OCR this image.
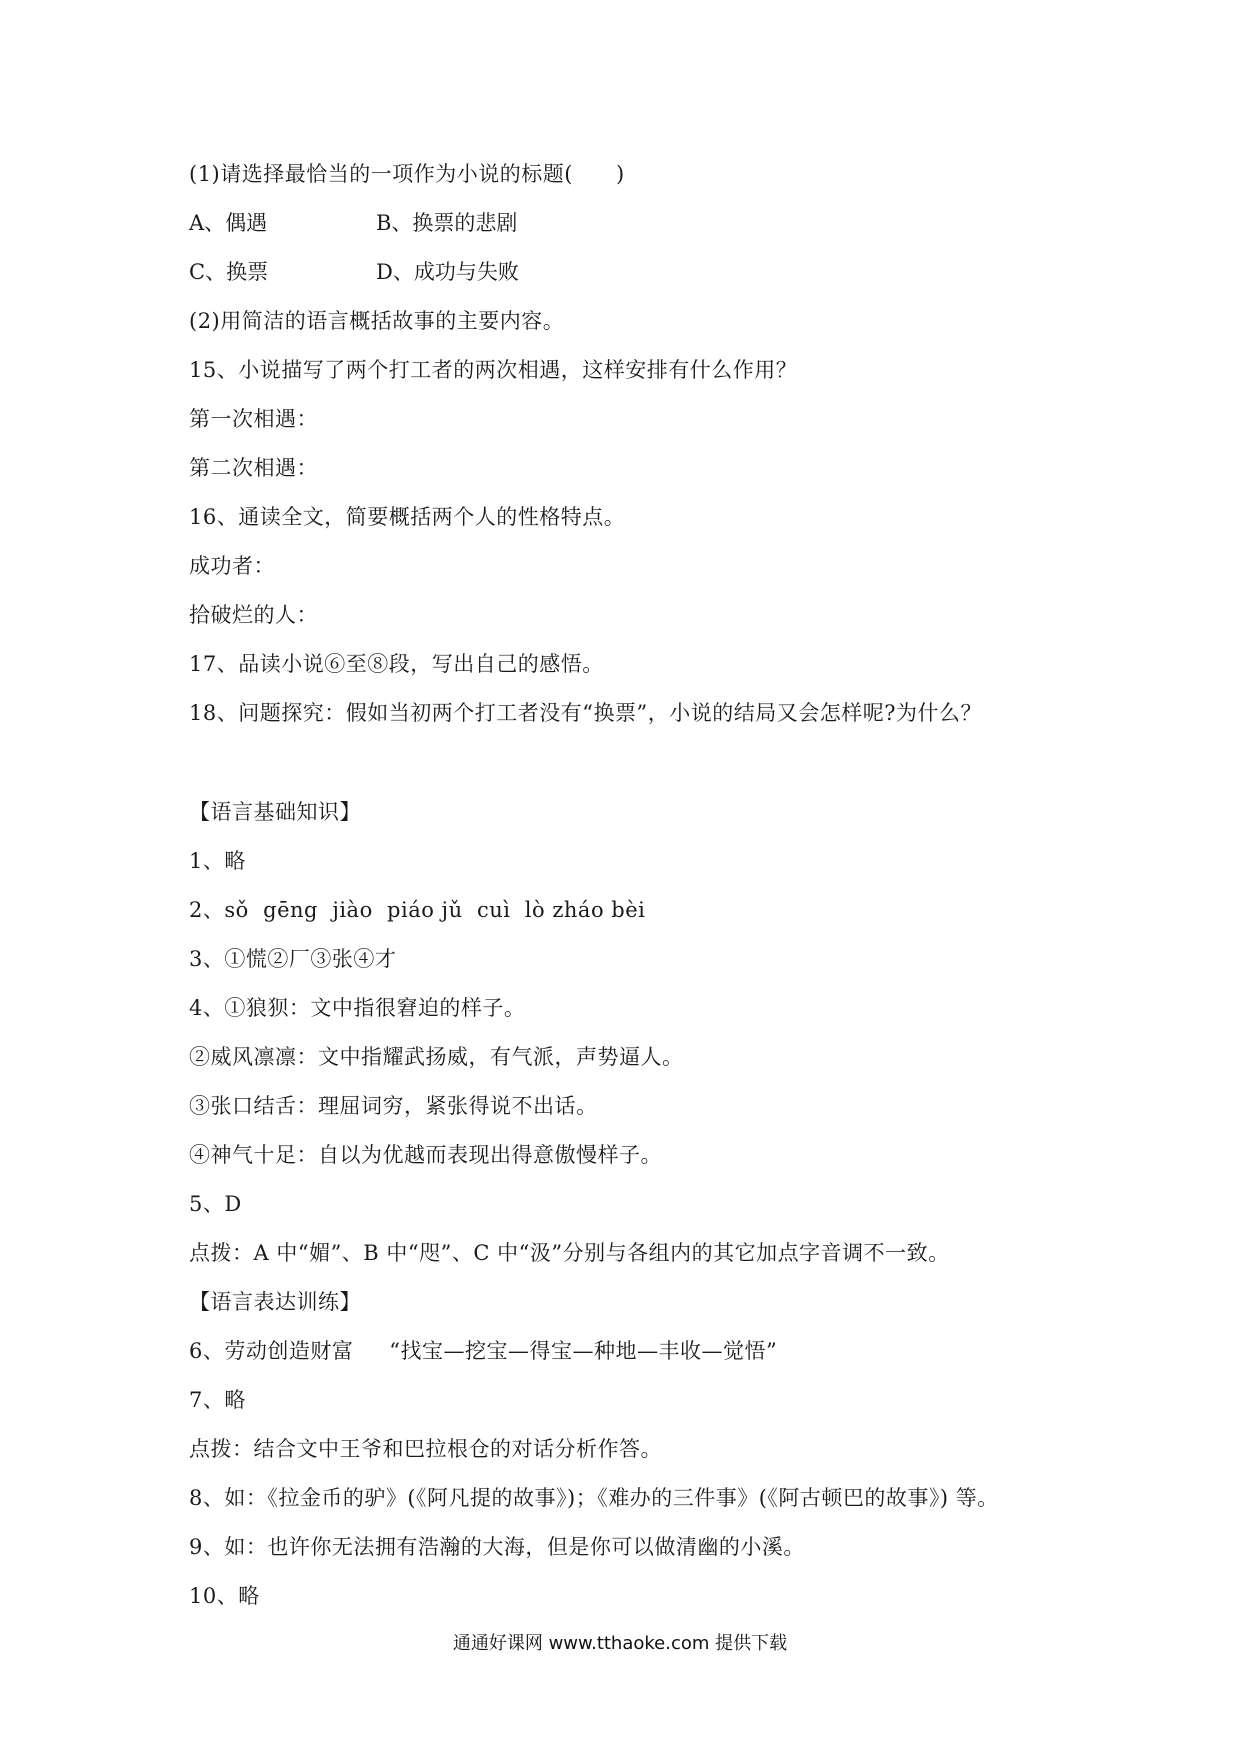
(1)请选择最恰当的一项作为小说的标题(      )
A、偶遇	B、换票的悲剧
C、换票	D、成功与失败
(2)用简洁的语言概括故事的主要内容。
15、小说描写了两个打工者的两次相遇，这样安排有什么作用？
第一次相遇：
第二次相遇：
16、通读全文，简要概括两个人的性格特点。
成功者：
拾破烂的人：
17、品读小说⑥至⑧段，写出自己的感悟。
18、问题探究：假如当初两个打工者没有“换票”，小说的结局又会怎样呢?为什么？
【语言基础知识】
1、略
2、sǒ  gēng  jiào  piáo jǔ  cuì  lò zháo bèi
3、①慌②厂③张④才
4、①狼狈：文中指很窘迫的样子。
②威风凛凛：文中指耀武扬威，有气派，声势逼人。
③张口结舌：理屈词穷，紧张得说不出话。
④神气十足：自以为优越而表现出得意傲慢样子。
5、D
点拨：A 中“媚”、B 中“咫”、C 中“汲”分别与各组内的其它加点字音调不一致。
【语言表达训练】
6、劳动创造财富     “找宝—挖宝—得宝—种地—丰收—觉悟”
7、略
点拨：结合文中王爷和巴拉根仓的对话分析作答。
8、如：《拉金币的驴》(《阿凡提的故事》)；《难办的三件事》(《阿古顿巴的故事》) 等。
9、如：也许你无法拥有浩瀚的大海，但是你可以做清幽的小溪。
10、略
通通好课网 www.tthaoke.com 提供下载
